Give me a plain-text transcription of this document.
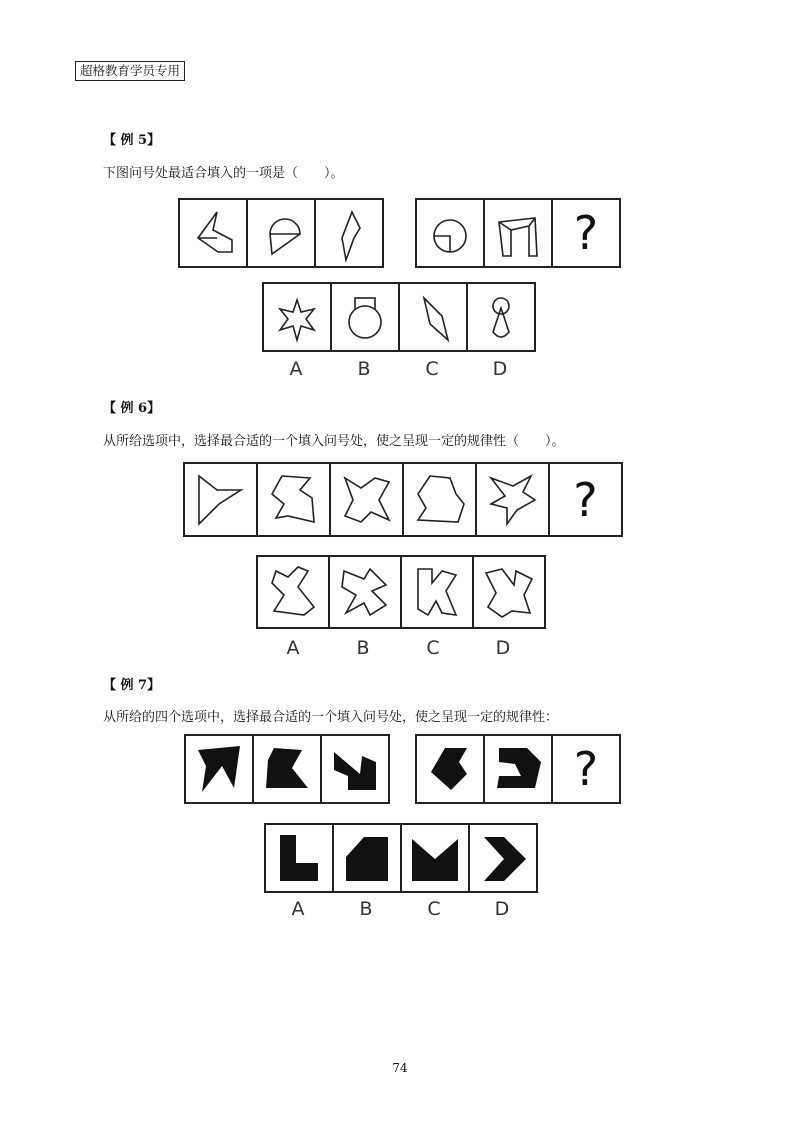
超格教育学员专用
【 例 5】
下图问号处最适合填入的一项是（　　）。
?
A	B	C	D
【 例 6】
从所给选项中，选择最合适的一个填入问号处，使之呈现一定的规律性（　　）。
?
A	B	C	D
【 例 7】
从所给的四个选项中，选择最合适的一个填入问号处，使之呈现一定的规律性：
?
A	B	C	D
74
